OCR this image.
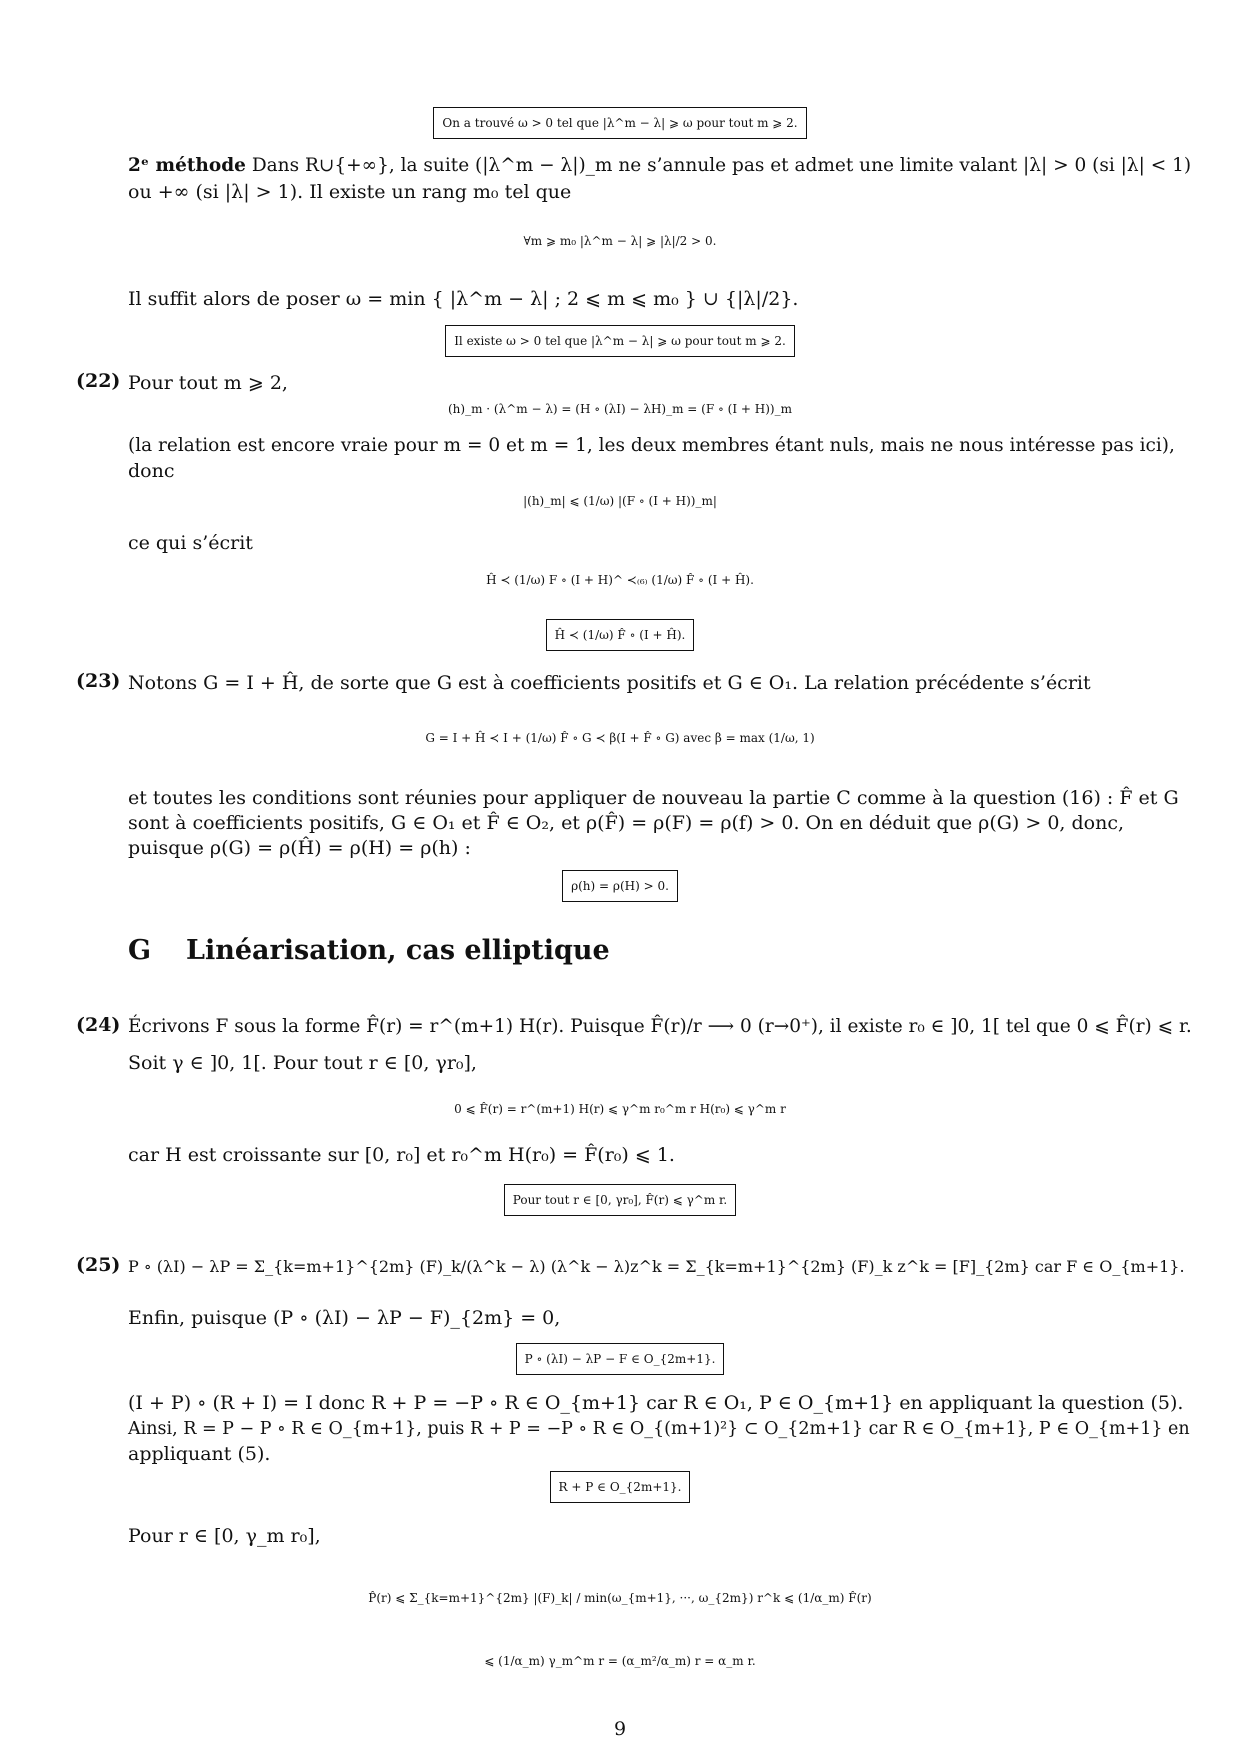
On a trouvé ω > 0 tel que |λ^m − λ| ⩾ ω pour tout m ⩾ 2.
2ᵉ méthode Dans R∪{+∞}, la suite (|λ^m − λ|)_m ne s’annule pas et admet une limite valant |λ| > 0 (si |λ| < 1)
ou +∞ (si |λ| > 1). Il existe un rang m₀ tel que
∀m ⩾ m₀ |λ^m − λ| ⩾ |λ|/2 > 0.
Il suffit alors de poser ω = min { |λ^m − λ| ; 2 ⩽ m ⩽ m₀ } ∪ {|λ|/2}.
Il existe ω > 0 tel que |λ^m − λ| ⩾ ω pour tout m ⩾ 2.
(22) Pour tout m ⩾ 2,
(h)_m · (λ^m − λ) = (H ∘ (λI) − λH)_m = (F ∘ (I + H))_m
(la relation est encore vraie pour m = 0 et m = 1, les deux membres étant nuls, mais ne nous intéresse pas ici),
donc
|(h)_m| ⩽ (1/ω) |(F ∘ (I + H))_m|
ce qui s’écrit
Ĥ ≺ (1/ω) F ∘ (I + H)^ ≺₍₆₎ (1/ω) F̂ ∘ (I + Ĥ).
Ĥ ≺ (1/ω) F̂ ∘ (I + Ĥ).
(23) Notons G = I + Ĥ, de sorte que G est à coefficients positifs et G ∈ O₁. La relation précédente s’écrit
G = I + Ĥ ≺ I + (1/ω) F̂ ∘ G ≺ β(I + F̂ ∘ G) avec β = max (1/ω, 1)
et toutes les conditions sont réunies pour appliquer de nouveau la partie C comme à la question (16) : F̂ et G
sont à coefficients positifs, G ∈ O₁ et F̂ ∈ O₂, et ρ(F̂) = ρ(F) = ρ(f) > 0. On en déduit que ρ(G) > 0, donc,
puisque ρ(G) = ρ(Ĥ) = ρ(H) = ρ(h) :
ρ(h) = ρ(H) > 0.
G Linéarisation, cas elliptique
(24) Écrivons F sous la forme F̂(r) = r^(m+1) H(r). Puisque F̂(r)/r ⟶ 0 (r→0⁺), il existe r₀ ∈ ]0, 1[ tel que 0 ⩽ F̂(r) ⩽ r.
Soit γ ∈ ]0, 1[. Pour tout r ∈ [0, γr₀],
0 ⩽ F̂(r) = r^(m+1) H(r) ⩽ γ^m r₀^m r H(r₀) ⩽ γ^m r
car H est croissante sur [0, r₀] et r₀^m H(r₀) = F̂(r₀) ⩽ 1.
Pour tout r ∈ [0, γr₀], F̂(r) ⩽ γ^m r.
(25) P ∘ (λI) − λP = Σ_{k=m+1}^{2m} (F)_k/(λ^k − λ) (λ^k − λ)z^k = Σ_{k=m+1}^{2m} (F)_k z^k = [F]_{2m} car F ∈ O_{m+1}.
Enfin, puisque (P ∘ (λI) − λP − F)_{2m} = 0,
P ∘ (λI) − λP − F ∈ O_{2m+1}.
(I + P) ∘ (R + I) = I donc R + P = −P ∘ R ∈ O_{m+1} car R ∈ O₁, P ∈ O_{m+1} en appliquant la question (5).
Ainsi, R = P − P ∘ R ∈ O_{m+1}, puis R + P = −P ∘ R ∈ O_{(m+1)²} ⊂ O_{2m+1} car R ∈ O_{m+1}, P ∈ O_{m+1} en
appliquant (5).
R + P ∈ O_{2m+1}.
Pour r ∈ [0, γ_m r₀],
P̂(r) ⩽ Σ_{k=m+1}^{2m} |(F)_k| / min(ω_{m+1}, ···, ω_{2m}) r^k ⩽ (1/α_m) F̂(r)
⩽ (1/α_m) γ_m^m r = (α_m²/α_m) r = α_m r.
9
